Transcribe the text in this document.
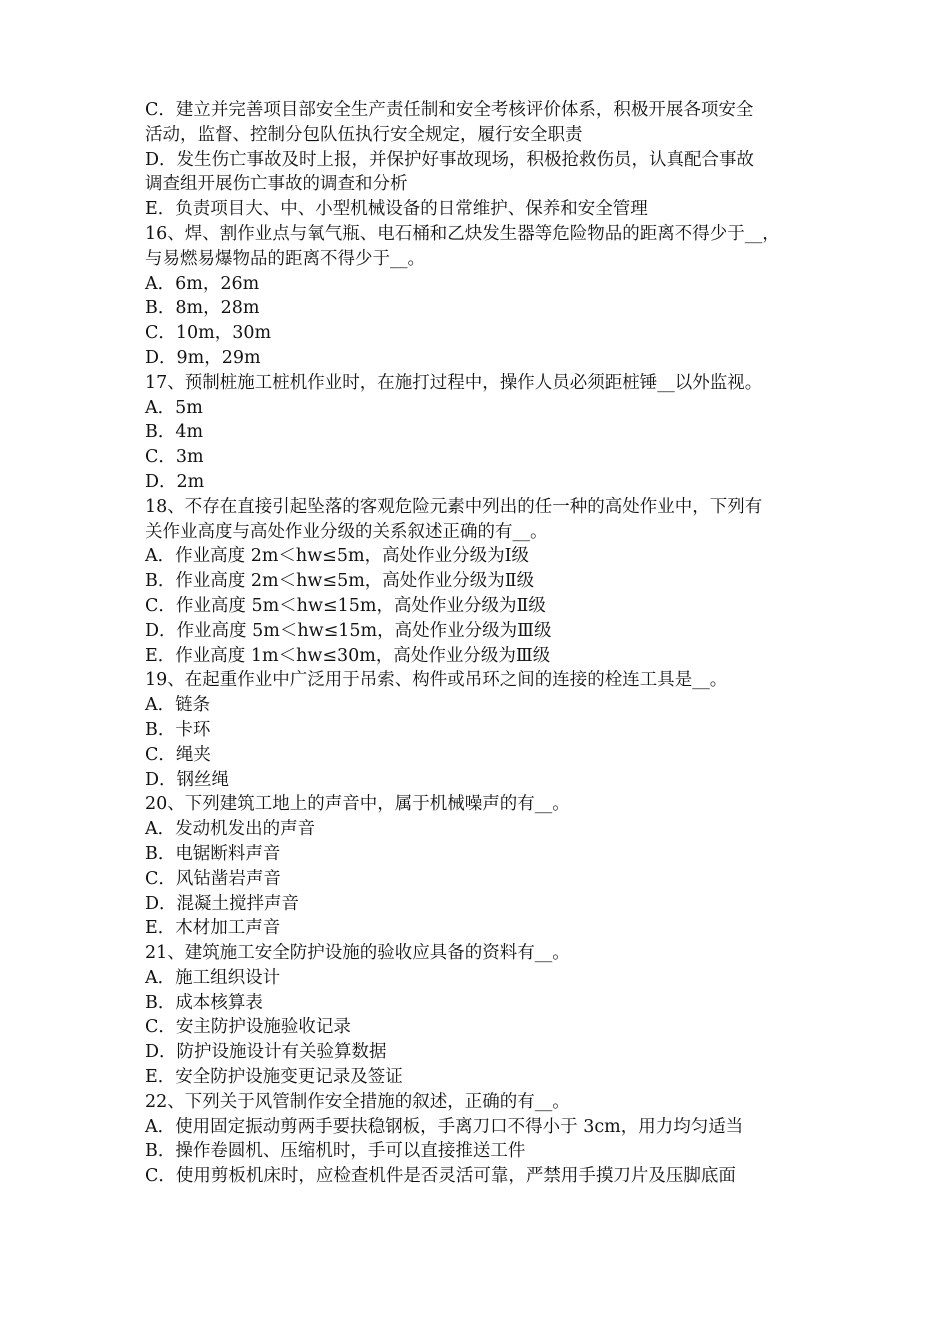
C．建立并完善项目部安全生产责任制和安全考核评价体系，积极开展各项安全
活动，监督、控制分包队伍执行安全规定，履行安全职责
D．发生伤亡事故及时上报，并保护好事故现场，积极抢救伤员，认真配合事故
调查组开展伤亡事故的调查和分析
E．负责项目大、中、小型机械设备的日常维护、保养和安全管理
16、焊、割作业点与氧气瓶、电石桶和乙炔发生器等危险物品的距离不得少于__，
与易燃易爆物品的距离不得少于__。
A．6m，26m
B．8m，28m
C．10m，30m
D．9m，29m
17、预制桩施工桩机作业时，在施打过程中，操作人员必须距桩锤__以外监视。
A．5m
B．4m
C．3m
D．2m
18、不存在直接引起坠落的客观危险元素中列出的任一种的高处作业中，下列有
关作业高度与高处作业分级的关系叙述正确的有__。
A．作业高度 2m＜hw≤5m，高处作业分级为Ⅰ级
B．作业高度 2m＜hw≤5m，高处作业分级为Ⅱ级
C．作业高度 5m＜hw≤15m，高处作业分级为Ⅱ级
D．作业高度 5m＜hw≤15m，高处作业分级为Ⅲ级
E．作业高度 1m＜hw≤30m，高处作业分级为Ⅲ级
19、在起重作业中广泛用于吊索、构件或吊环之间的连接的栓连工具是__。
A．链条
B．卡环
C．绳夹
D．钢丝绳
20、下列建筑工地上的声音中，属于机械噪声的有__。
A．发动机发出的声音
B．电锯断料声音
C．风钻凿岩声音
D．混凝土搅拌声音
E．木材加工声音
21、建筑施工安全防护设施的验收应具备的资料有__。
A．施工组织设计
B．成本核算表
C．安主防护设施验收记录
D．防护设施设计有关验算数据
E．安全防护设施变更记录及签证
22、下列关于风管制作安全措施的叙述，正确的有__。
A．使用固定振动剪两手要扶稳钢板，手离刀口不得小于 3cm，用力均匀适当
B．操作卷圆机、压缩机时，手可以直接推送工件
C．使用剪板机床时，应检查机件是否灵活可靠，严禁用手摸刀片及压脚底面
